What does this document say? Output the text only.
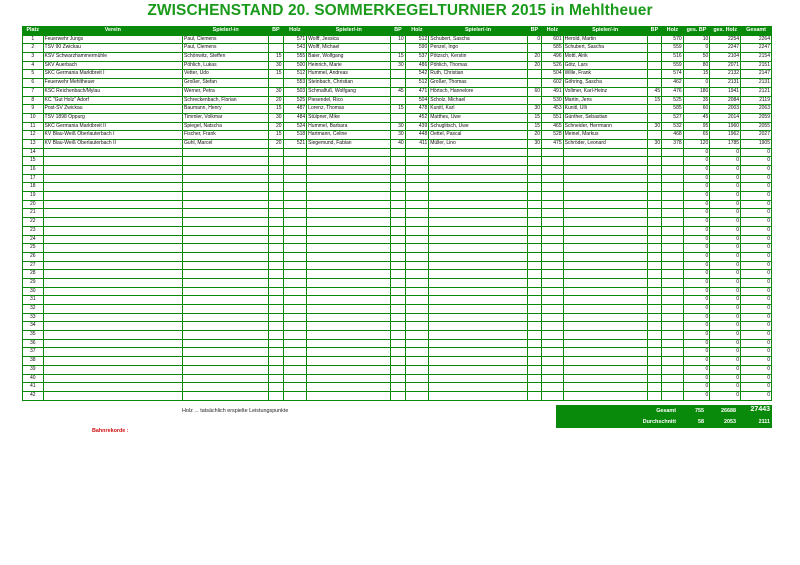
ZWISCHENSTAND 20. SOMMERKEGELTURNIER 2015 in Mehltheuer
Platz	Verein	Spieler/-in	BP	Holz	Spieler/-in	BP	Holz	Spieler/-in	BP	Holz	Spieler/-in	BP	Holz	ges. BP	ges. Holz	Gesamt
1	Feuerwehr Jungs	Paul, Clemens		571	Wolff, Jessica	10	512	Schubert, Sascha	0	601	Herold, Martin		570	10	2254	2264
2	TSV 90 Zwickau	Paul, Clemens		543	Wolff, Michael		590	Penzel, Ingo		585	Schubert, Sascha		559	0	2247	2247
3	KSV Schwarzhammermühle	Schönwitz, Steffen	15	555	Baier, Wolfgang	15	537	Pötzsch, Kerstin	20	496	Mottl, Alrik		516	50	2104	2154
4	SKV Auerbach	Pöhlich, Lukas	30	500	Heinrich, Marie	30	486	Pöhlich, Thomas	20	526	Götz, Lars		559	80	2071	2151
5	SKC Germania Marktbreit I	Vetter, Udo	15	512	Hummel, Andreas		542	Ruth, Christian		504	Wille, Frank		574	15	2132	2147
6	Feuerwehr Mehltheuer	Großer, Stefan		553	Steinbach, Christian		512	Großer, Thomas		602	Göhring, Sascha		462	0	2131	2131
7	KSC Reichenbach/Mylau	Werner, Petra	30	503	Schmalfuß, Wolfgang	45	471	Hörtsch, Hannelore	60	491	Vollmer, Karl-Heinz	45	476	180	1941	2121
8	KC "Gut Holz" Adorf	Schreckenbach, Florian	20	525	Piesendel, Rico		504	Scholz, Michael		530	Martin, Jens	15	525	35	2084	2119
9	Post-SV Zwickau	Baumann, Henry	15	487	Lorenz, Thomas	15	478	Kunitl, Karl	30	453	Kunitl, Ulli		585	60	2003	2063
10	TSV 1898 Oppurg	Timmler, Volkmar	30	484	Stülpner, Mike		452	Matthes, Uwe	15	551	Günther, Sebastian		527	45	2014	2059
11	SKC Germania Marktbreit II	Spiegel, Natscha	20	524	Hummel, Barbara	30	439	Schuglitsch, Uwe	15	465	Schneider, Herrmann	30	532	95	1960	2055
12	KV Blau-Weiß Oberlauterbach I	Fischer, Frank	15	518	Hartmann, Celine	30	448	Oettel, Pascal	20	528	Meinel, Markus		468	65	1962	2027
13	KV Blau-Weiß Oberlauterbach II	Guhl, Marcel	20	521	Siegemund, Fabian	40	411	Müller, Lino	30	475	Schröder, Leonard	30	378	120	1785	1905
14														0	0	0
15														0	0	0
16														0	0	0
17														0	0	0
18														0	0	0
19														0	0	0
20														0	0	0
21														0	0	0
22														0	0	0
23														0	0	0
24														0	0	0
25														0	0	0
26														0	0	0
27														0	0	0
28														0	0	0
29														0	0	0
30														0	0	0
31														0	0	0
32														0	0	0
33														0	0	0
34														0	0	0
35														0	0	0
36														0	0	0
37														0	0	0
38														0	0	0
39														0	0	0
40														0	0	0
41														0	0	0
42														0	0	0
Holz ... tatsächlich erspielte Leistungspunkte	Gesamt	755	26688	27443
Durchschnitt	58	2053	2111
Bahnrekorde :
